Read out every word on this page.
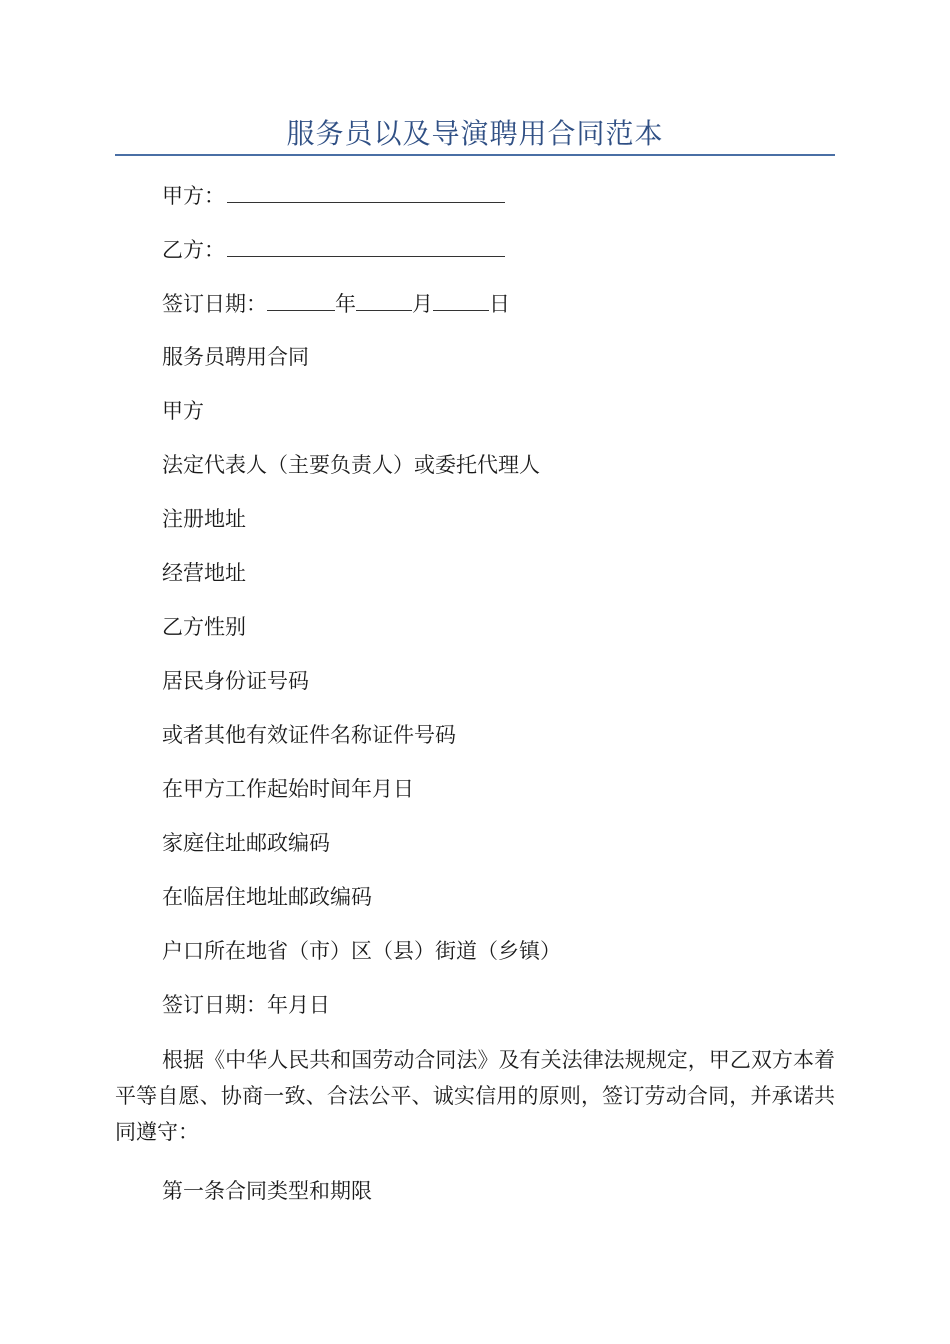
服务员以及导演聘用合同范本
甲方：
乙方：
签订日期：	年	月	日
服务员聘用合同
甲方
法定代表人（主要负责人）或委托代理人
注册地址
经营地址
乙方性别
居民身份证号码
或者其他有效证件名称证件号码
在甲方工作起始时间年月日
家庭住址邮政编码
在临居住地址邮政编码
户口所在地省（市）区（县）街道（乡镇）
签订日期：年月日
根据《中华人民共和国劳动合同法》及有关法律法规规定，甲乙双方本着平等自愿、协商一致、合法公平、诚实信用的原则，签订劳动合同，并承诺共同遵守：
第一条合同类型和期限
